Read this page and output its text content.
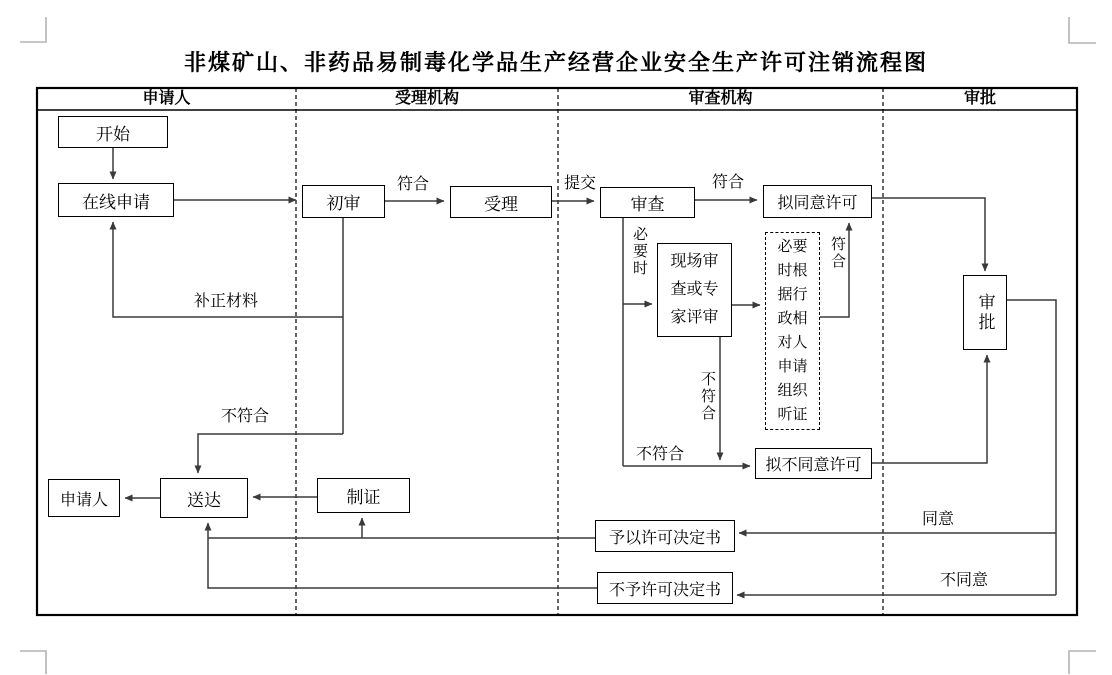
非煤矿山、非药品易制毒化学品生产经营企业安全生产许可注销流程图
申请人	受理机构	审查机构	审批
开始
在线申请	初审	受理	审查	拟同意许可
现场审查或专家评审
必要时根据行政相对人申请组织听证
审批
拟不同意许可
申请人	送达	制证
予以许可决定书
不予许可决定书
符合	提交	符合
补正材料
不符合
必要时
不符合
符合
不符合
同意
不同意
